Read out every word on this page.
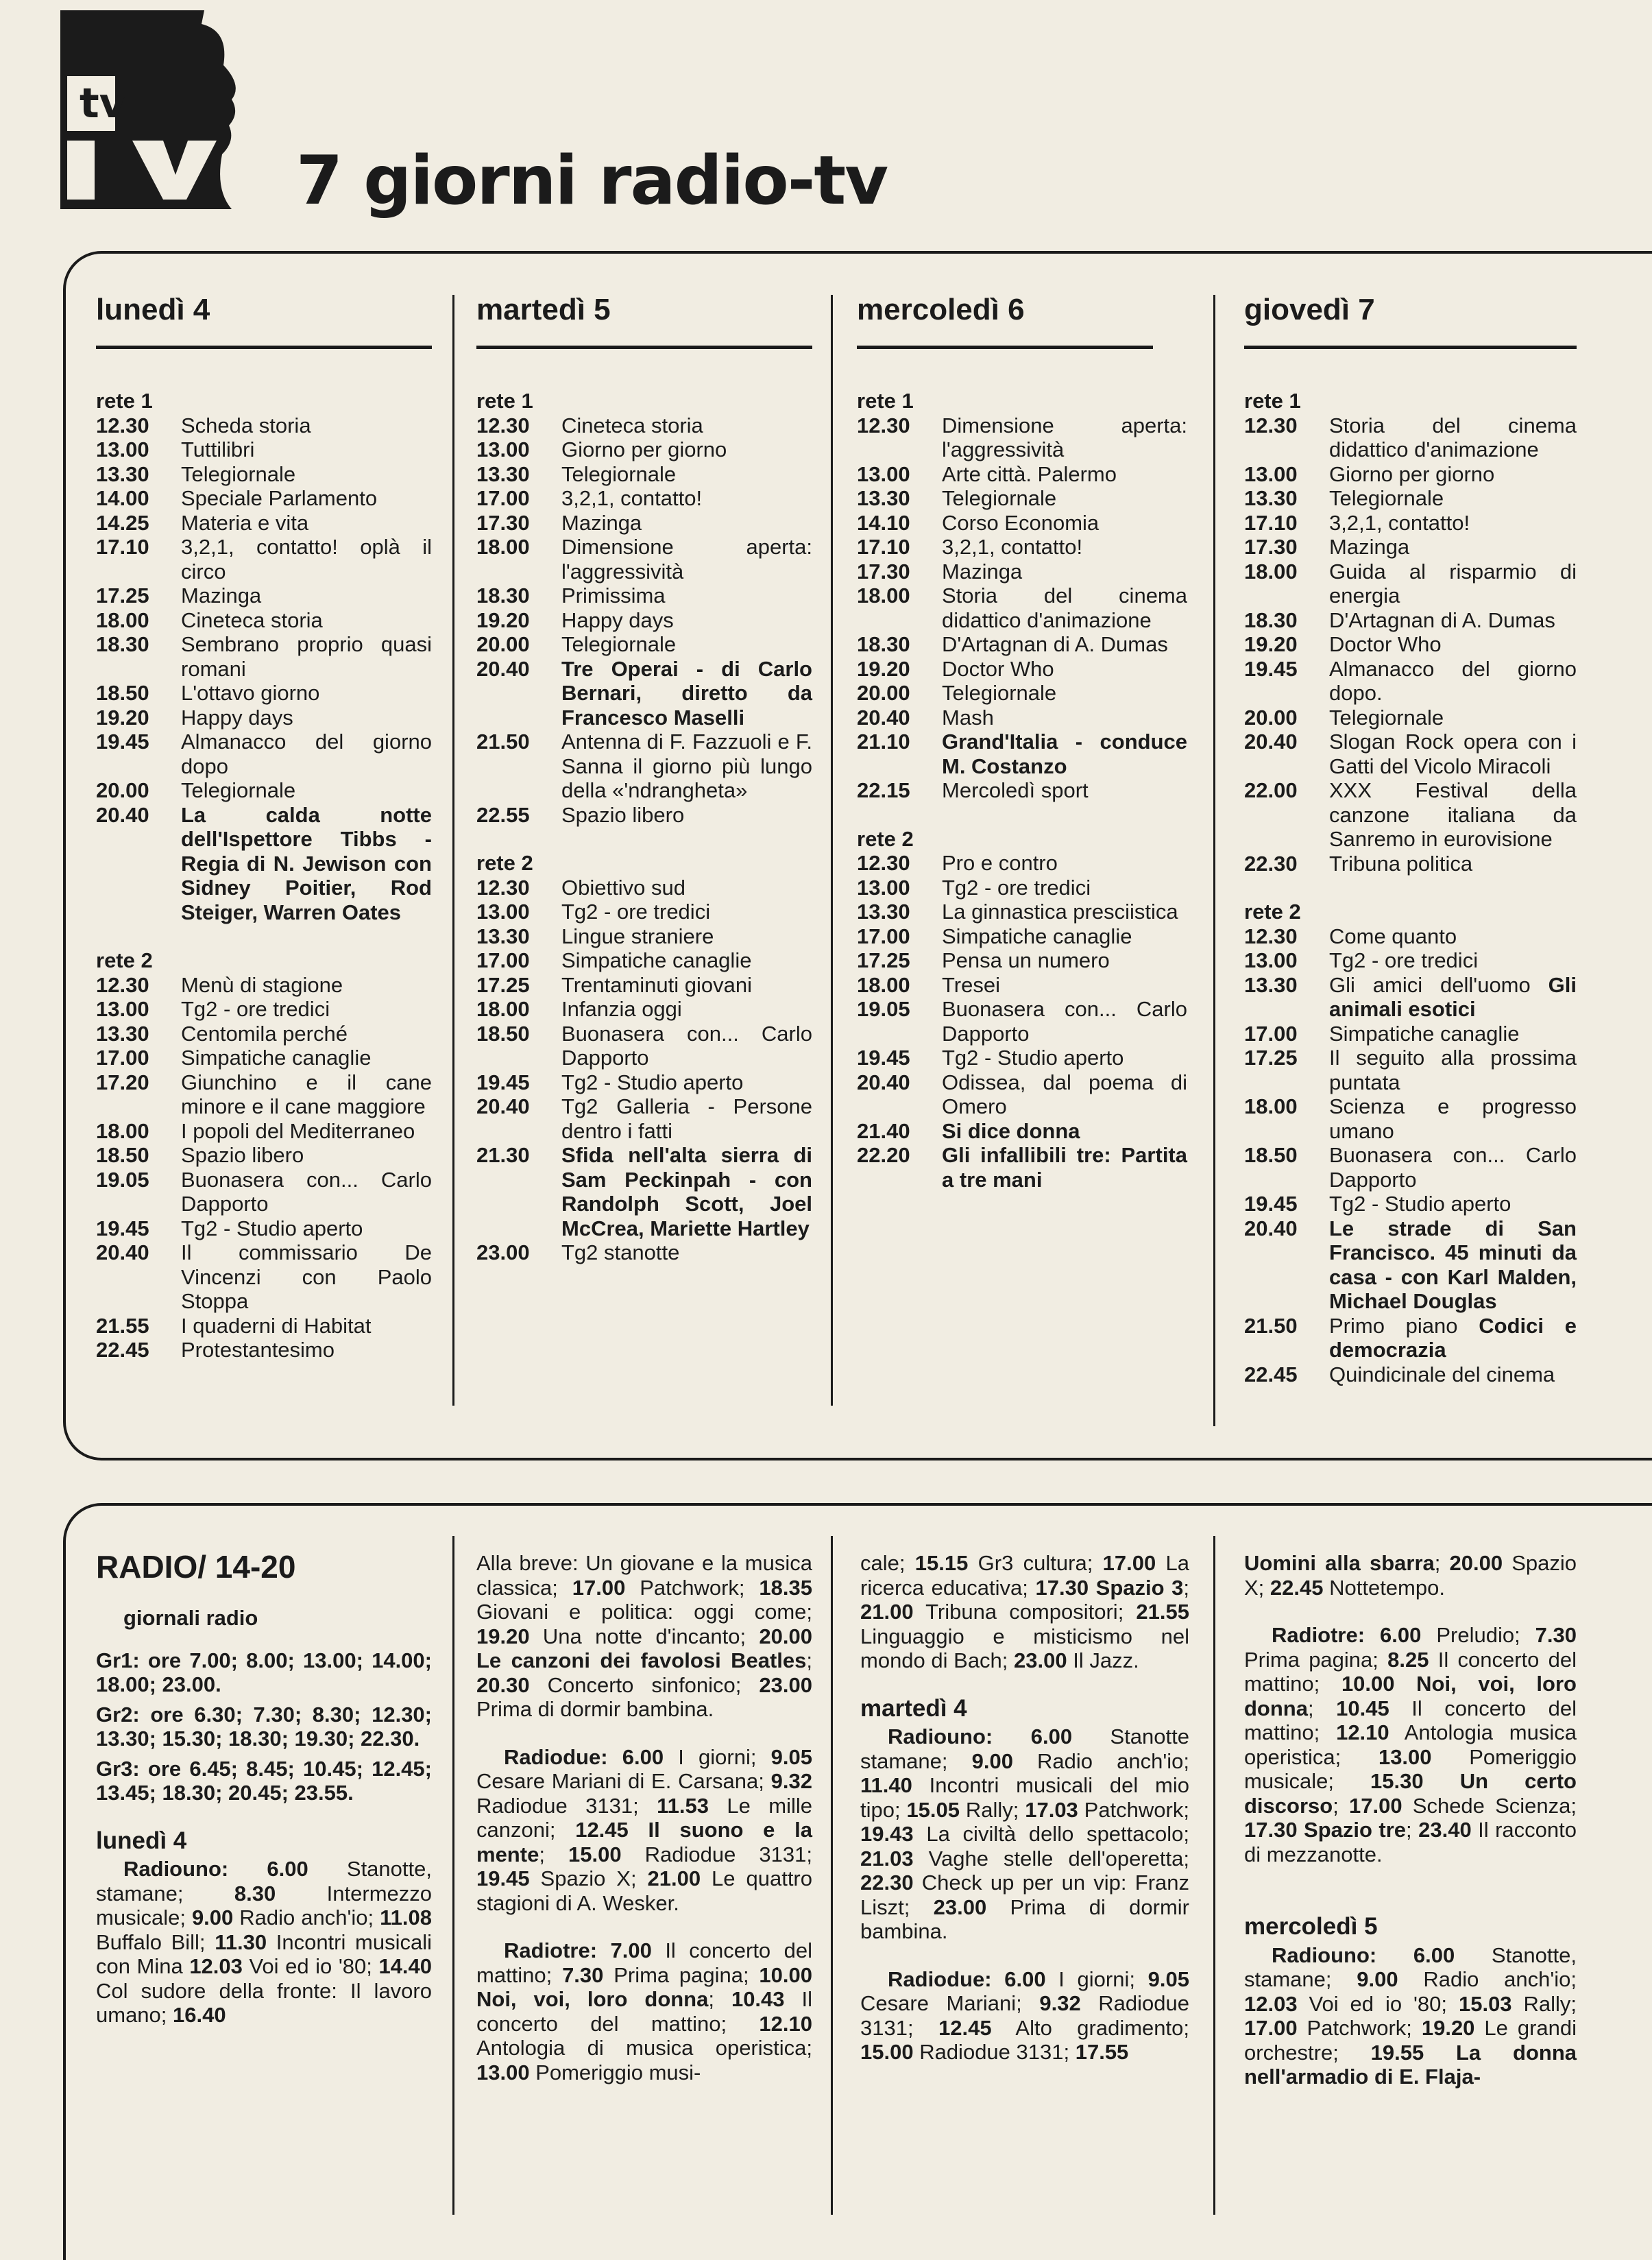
tv
7 giorni radio-tv
lunedì 4
rete 1
12.30	Scheda storia
13.00	Tuttilibri
13.30	Telegiornale
14.00	Speciale Parlamento
14.25	Materia e vita
17.10	3,2,1, contatto! oplà il circo
17.25	Mazinga
18.00	Cineteca storia
18.30	Sembrano proprio quasi romani
18.50	L'ottavo giorno
19.20	Happy days
19.45	Almanacco del giorno dopo
20.00	Telegiornale
20.40	La calda notte dell'Ispettore Tibbs - Regia di N. Jewison con Sidney Poitier, Rod Steiger, Warren Oates
rete 2
12.30	Menù di stagione
13.00	Tg2 - ore tredici
13.30	Centomila perché
17.00	Simpatiche canaglie
17.20	Giunchino e il cane minore e il cane maggiore
18.00	I popoli del Mediterraneo
18.50	Spazio libero
19.05	Buonasera con... Carlo Dapporto
19.45	Tg2 - Studio aperto
20.40	Il commissario De Vincenzi con Paolo Stoppa
21.55	I quaderni di Habitat
22.45	Protestantesimo
martedì 5
rete 1
12.30	Cineteca storia
13.00	Giorno per giorno
13.30	Telegiornale
17.00	3,2,1, contatto!
17.30	Mazinga
18.00	Dimensione aperta: l'aggressività
18.30	Primissima
19.20	Happy days
20.00	Telegiornale
20.40	Tre Operai - di Carlo Bernari, diretto da Francesco Maselli
21.50	Antenna di F. Fazzuoli e F. Sanna il giorno più lungo della «'ndrangheta»
22.55	Spazio libero
rete 2
12.30	Obiettivo sud
13.00	Tg2 - ore tredici
13.30	Lingue straniere
17.00	Simpatiche canaglie
17.25	Trentaminuti giovani
18.00	Infanzia oggi
18.50	Buonasera con... Carlo Dapporto
19.45	Tg2 - Studio aperto
20.40	Tg2 Galleria - Persone dentro i fatti
21.30	Sfida nell'alta sierra di Sam Peckinpah - con Randolph Scott, Joel McCrea, Mariette Hartley
23.00	Tg2 stanotte
mercoledì 6
rete 1
12.30	Dimensione aperta: l'aggressività
13.00	Arte città. Palermo
13.30	Telegiornale
14.10	Corso Economia
17.10	3,2,1, contatto!
17.30	Mazinga
18.00	Storia del cinema didattico d'animazione
18.30	D'Artagnan di A. Dumas
19.20	Doctor Who
20.00	Telegiornale
20.40	Mash
21.10	Grand'Italia - conduce M. Costanzo
22.15	Mercoledì sport
rete 2
12.30	Pro e contro
13.00	Tg2 - ore tredici
13.30	La ginnastica presciistica
17.00	Simpatiche canaglie
17.25	Pensa un numero
18.00	Tresei
19.05	Buonasera con... Carlo Dapporto
19.45	Tg2 - Studio aperto
20.40	Odissea, dal poema di Omero
21.40	Si dice donna
22.20	Gli infallibili tre: Partita a tre mani
giovedì 7
rete 1
12.30	Storia del cinema didattico d'animazione
13.00	Giorno per giorno
13.30	Telegiornale
17.10	3,2,1, contatto!
17.30	Mazinga
18.00	Guida al risparmio di energia
18.30	D'Artagnan di A. Dumas
19.20	Doctor Who
19.45	Almanacco del giorno dopo.
20.00	Telegiornale
20.40	Slogan Rock opera con i Gatti del Vicolo Miracoli
22.00	XXX Festival della canzone italiana da Sanremo in eurovisione
22.30	Tribuna politica
rete 2
12.30	Come quanto
13.00	Tg2 - ore tredici
13.30	Gli amici dell'uomo Gli animali esotici
17.00	Simpatiche canaglie
17.25	Il seguito alla prossima puntata
18.00	Scienza e progresso umano
18.50	Buonasera con... Carlo Dapporto
19.45	Tg2 - Studio aperto
20.40	Le strade di San Francisco. 45 minuti da casa - con Karl Malden, Michael Douglas
21.50	Primo piano Codici e democrazia
22.45	Quindicinale del cinema
RADIO/ 14-20
giornali radio

Gr1: ore 7.00; 8.00; 13.00; 14.00; 18.00; 23.00.

Gr2: ore 6.30; 7.30; 8.30; 12.30; 13.30; 15.30; 18.30; 19.30; 22.30.

Gr3: ore 6.45; 8.45; 10.45; 12.45; 13.45; 18.30; 20.45; 23.55.

lunedì 4

Radiouno: 6.00 Stanotte, stamane; 8.30 Intermezzo musicale; 9.00 Radio anch'io; 11.08 Buffalo Bill; 11.30 Incontri musicali con Mina 12.03 Voi ed io '80; 14.40 Col sudore della fronte: Il lavoro umano; 16.40

Alla breve: Un giovane e la musica classica; 17.00 Patchwork; 18.35 Giovani e politica: oggi come; 19.20 Una notte d'incanto; 20.00 Le canzoni dei favolosi Beatles; 20.30 Concerto sinfonico; 23.00 Prima di dormir bambina.

Radiodue: 6.00 I giorni; 9.05 Cesare Mariani di E. Carsana; 9.32 Radiodue 3131; 11.53 Le mille canzoni; 12.45 Il suono e la mente; 15.00 Radiodue 3131; 19.45 Spazio X; 21.00 Le quattro stagioni di A. Wesker.

Radiotre: 7.00 Il concerto del mattino; 7.30 Prima pagina; 10.00 Noi, voi, loro donna; 10.43 Il concerto del mattino; 12.10 Antologia di musica operistica; 13.00 Pomeriggio musi-

cale; 15.15 Gr3 cultura; 17.00 La ricerca educativa; 17.30 Spazio 3; 21.00 Tribuna compositori; 21.55 Linguaggio e misticismo nel mondo di Bach; 23.00 Il Jazz.

martedì 4

Radiouno: 6.00 Stanotte stamane; 9.00 Radio anch'io; 11.40 Incontri musicali del mio tipo; 15.05 Rally; 17.03 Patchwork; 19.43 La civiltà dello spettacolo; 21.03 Vaghe stelle dell'operetta; 22.30 Check up per un vip: Franz Liszt; 23.00 Prima di dormir bambina.

Radiodue: 6.00 I giorni; 9.05 Cesare Mariani; 9.32 Radiodue 3131; 12.45 Alto gradimento; 15.00 Radiodue 3131; 17.55

Uomini alla sbarra; 20.00 Spazio X; 22.45 Nottetempo.

Radiotre: 6.00 Preludio; 7.30 Prima pagina; 8.25 Il concerto del mattino; 10.00 Noi, voi, loro donna; 10.45 Il concerto del mattino; 12.10 Antologia musica operistica; 13.00 Pomeriggio musicale; 15.30 Un certo discorso; 17.00 Schede Scienza; 17.30 Spazio tre; 23.40 Il racconto di mezzanotte.

mercoledì 5

Radiouno: 6.00 Stanotte, stamane; 9.00 Radio anch'io; 12.03 Voi ed io '80; 15.03 Rally; 17.00 Patchwork; 19.20 Le grandi orchestre; 19.55 La donna nell'armadio di E. Flaja-
